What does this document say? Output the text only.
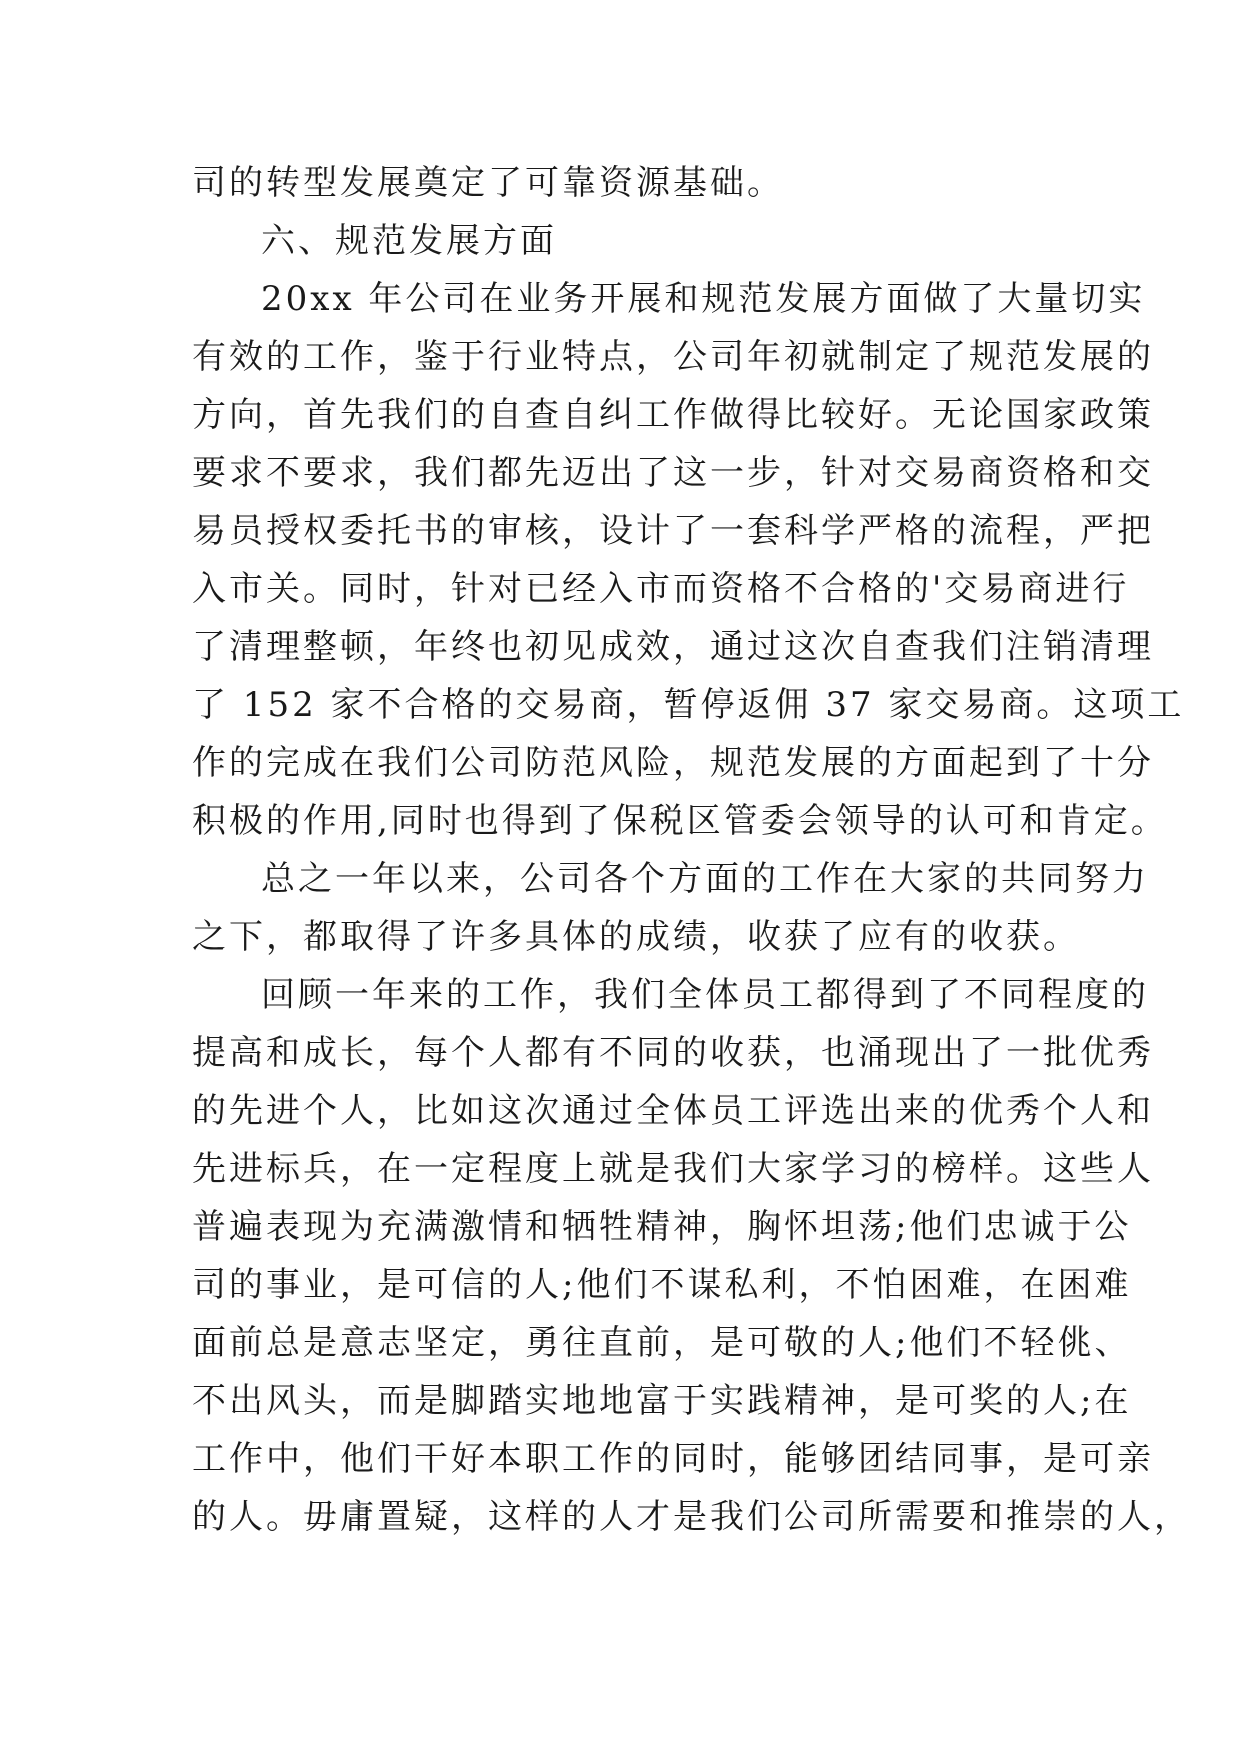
司的转型发展奠定了可靠资源基础。
六、规范发展方面
20xx 年公司在业务开展和规范发展方面做了大量切实
有效的工作，鉴于行业特点，公司年初就制定了规范发展的
方向，首先我们的自查自纠工作做得比较好。无论国家政策
要求不要求，我们都先迈出了这一步，针对交易商资格和交
易员授权委托书的审核，设计了一套科学严格的流程，严把
入市关。同时，针对已经入市而资格不合格的'交易商进行
了清理整顿，年终也初见成效，通过这次自查我们注销清理
了 152 家不合格的交易商，暂停返佣 37 家交易商。这项工
作的完成在我们公司防范风险，规范发展的方面起到了十分
积极的作用,同时也得到了保税区管委会领导的认可和肯定。
总之一年以来，公司各个方面的工作在大家的共同努力
之下，都取得了许多具体的成绩，收获了应有的收获。
回顾一年来的工作，我们全体员工都得到了不同程度的
提高和成长，每个人都有不同的收获，也涌现出了一批优秀
的先进个人，比如这次通过全体员工评选出来的优秀个人和
先进标兵，在一定程度上就是我们大家学习的榜样。这些人
普遍表现为充满激情和牺牲精神，胸怀坦荡;他们忠诚于公
司的事业，是可信的人;他们不谋私利，不怕困难，在困难
面前总是意志坚定，勇往直前，是可敬的人;他们不轻佻、
不出风头，而是脚踏实地地富于实践精神，是可奖的人;在
工作中，他们干好本职工作的同时，能够团结同事，是可亲
的人。毋庸置疑，这样的人才是我们公司所需要和推崇的人，
